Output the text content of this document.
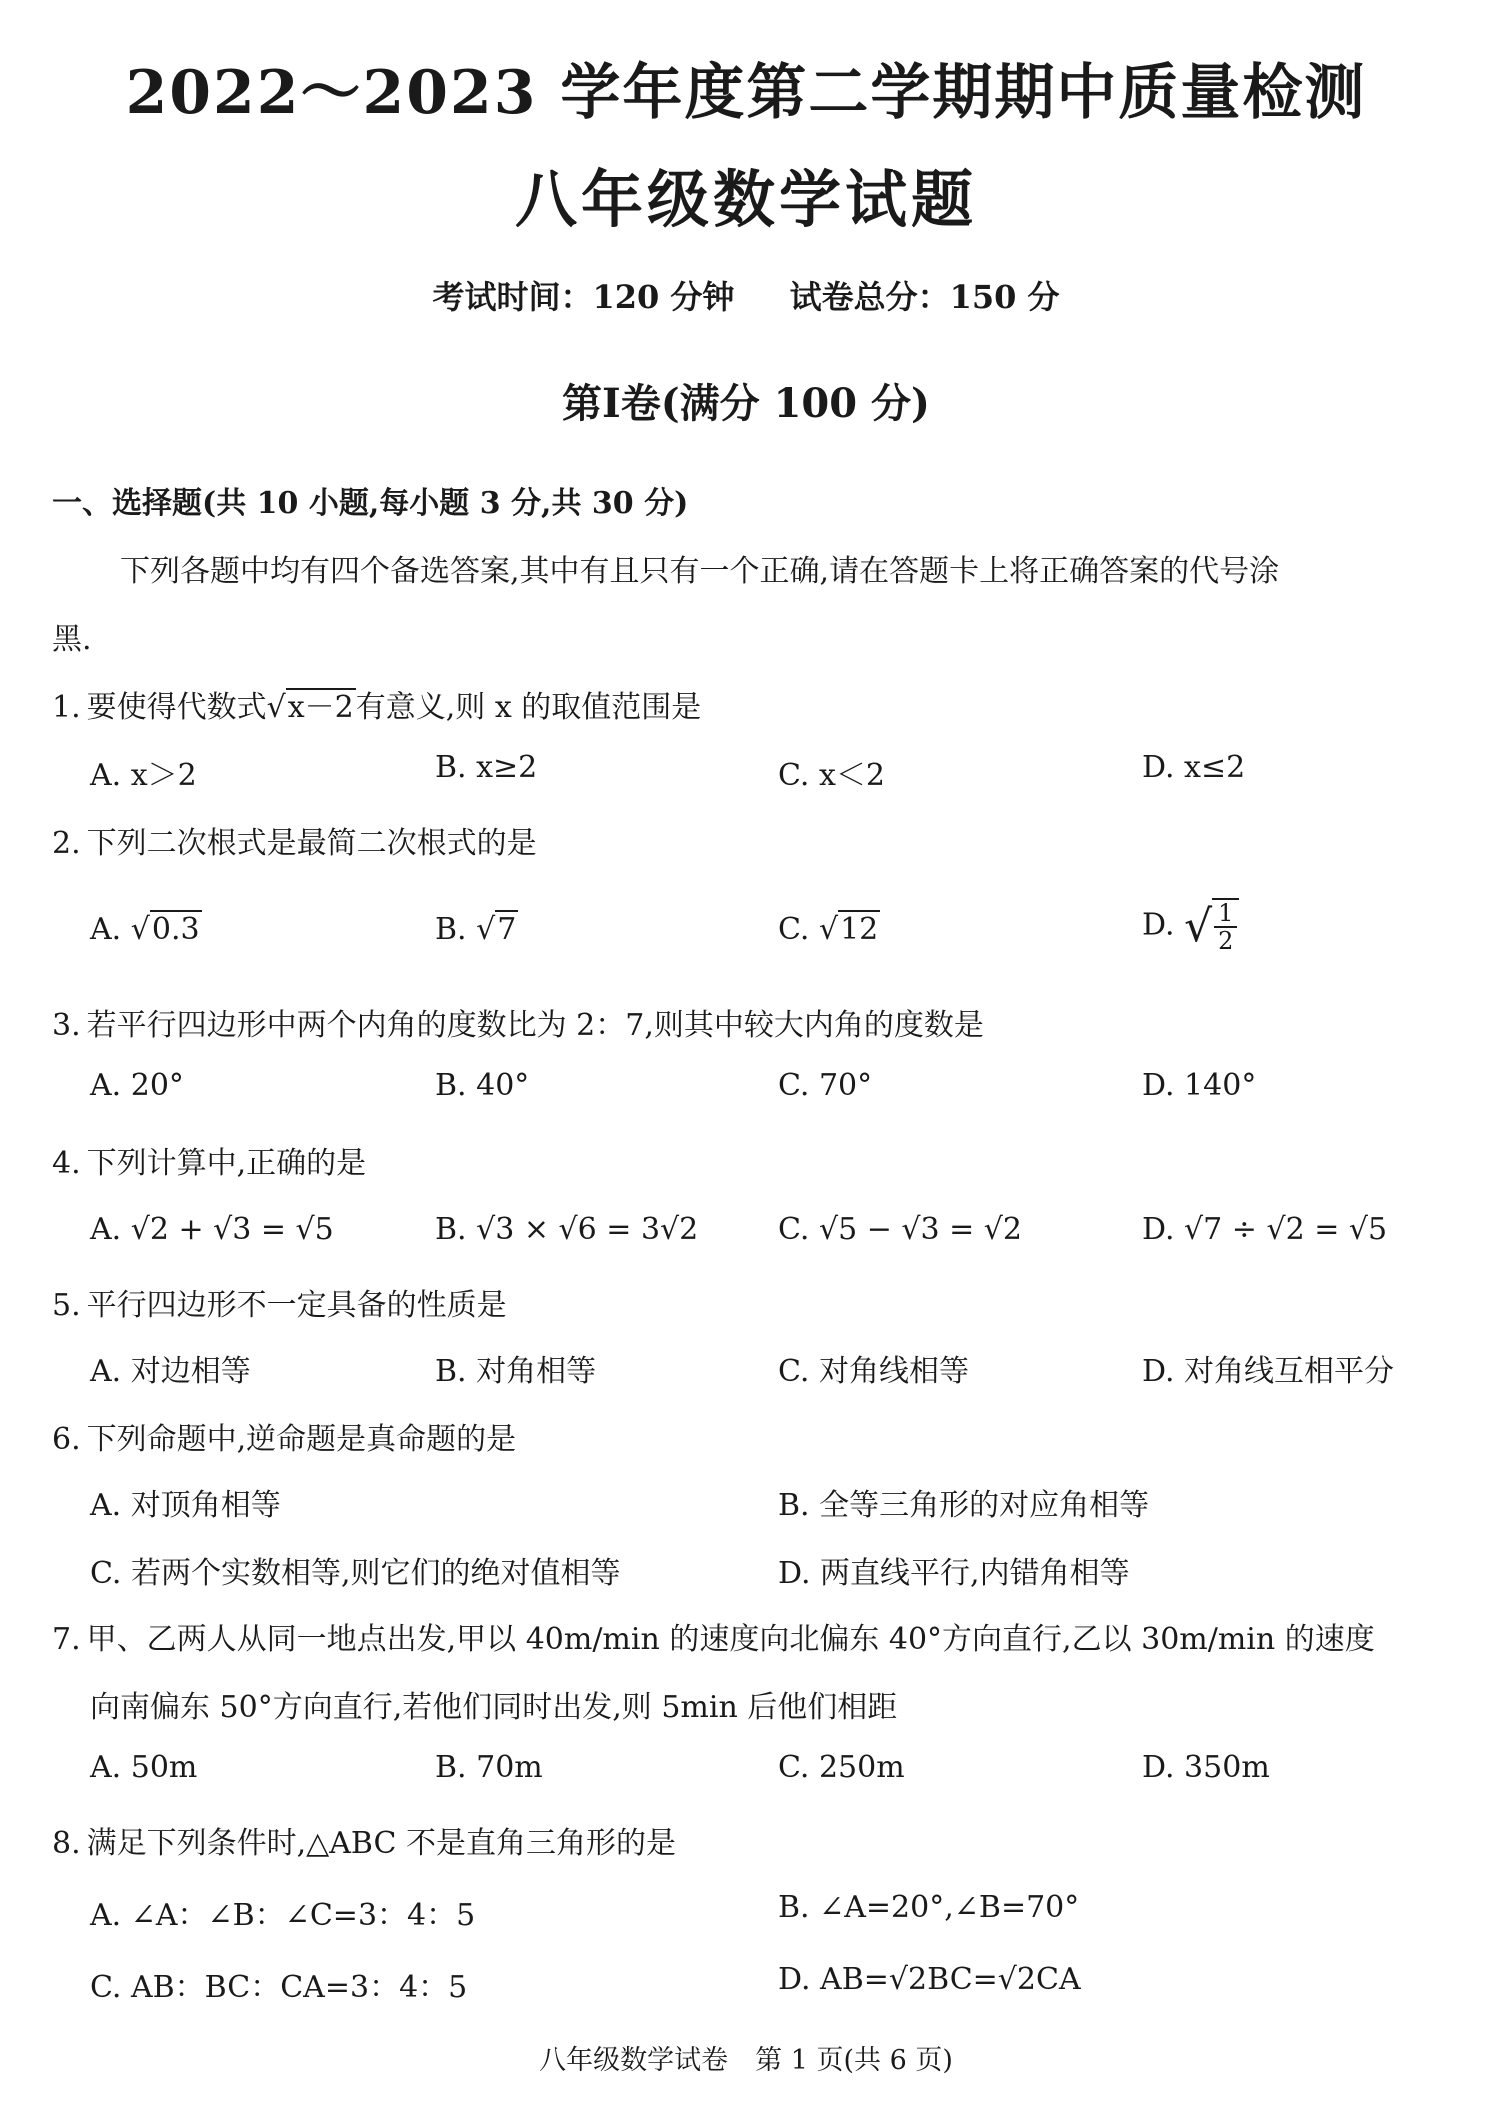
2022～2023 学年度第二学期期中质量检测
八年级数学试题
考试时间：120 分钟 试卷总分：150 分
第Ⅰ卷(满分 100 分)
一、选择题(共 10 小题,每小题 3 分,共 30 分)
下列各题中均有四个备选答案,其中有且只有一个正确,请在答题卡上将正确答案的代号涂
黑.
1. 要使得代数式√x－2有意义,则 x 的取值范围是
A. x＞2	B. x≥2	C. x＜2	D. x≤2
2. 下列二次根式是最简二次根式的是
A. √0.3	B. √7	C. √12	D. √ $\frac{1}{2}$
3. 若平行四边形中两个内角的度数比为 2：7,则其中较大内角的度数是
A. 20°	B. 40°	C. 70°	D. 140°
4. 下列计算中,正确的是
A. √2 + √3 = √5	B. √3 × √6 = 3√2	C. √5 − √3 = √2	D. √7 ÷ √2 = √5
5. 平行四边形不一定具备的性质是
A. 对边相等	B. 对角相等	C. 对角线相等	D. 对角线互相平分
6. 下列命题中,逆命题是真命题的是
A. 对顶角相等	B. 全等三角形的对应角相等
C. 若两个实数相等,则它们的绝对值相等	D. 两直线平行,内错角相等
7. 甲、乙两人从同一地点出发,甲以 40m/min 的速度向北偏东 40°方向直行,乙以 30m/min 的速度
向南偏东 50°方向直行,若他们同时出发,则 5min 后他们相距
A. 50m	B. 70m	C. 250m	D. 350m
8. 满足下列条件时,△ABC 不是直角三角形的是
A. ∠A：∠B：∠C=3：4：5	B. ∠A=20°,∠B=70°
C. AB：BC：CA=3：4：5	D. AB=√2BC=√2CA
八年级数学试卷　第 1 页(共 6 页)
